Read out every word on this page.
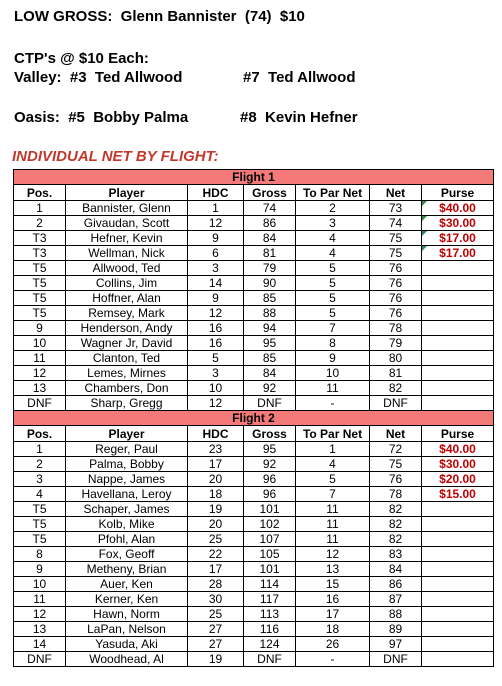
LOW GROSS:  Glenn Bannister  (74)  $10
CTP's @ $10 Each:
Valley:  #3  Ted Allwood	#7  Ted Allwood
Oasis:  #5  Bobby Palma	#8  Kevin Hefner
INDIVIDUAL NET BY FLIGHT:
Flight 1						
Pos.	Player	HDC	Gross	To Par Net	Net	Purse
1	Bannister, Glenn	1	74	2	73	$40.00
2	Givaudan, Scott	12	86	3	74	$30.00
T3	Hefner, Kevin	9	84	4	75	$17.00
T3	Wellman, Nick	6	81	4	75	$17.00
T5	Allwood, Ted	3	79	5	76	
T5	Collins, Jim	14	90	5	76	
T5	Hoffner, Alan	9	85	5	76	
T5	Remsey, Mark	12	88	5	76	
9	Henderson, Andy	16	94	7	78	
10	Wagner Jr, David	16	95	8	79	
11	Clanton, Ted	5	85	9	80	
12	Lemes, Mirnes	3	84	10	81	
13	Chambers, Don	10	92	11	82	
DNF	Sharp, Gregg	12	DNF	-	DNF	
Flight 2						
Pos.	Player	HDC	Gross	To Par Net	Net	Purse
1	Reger, Paul	23	95	1	72	$40.00
2	Palma, Bobby	17	92	4	75	$30.00
3	Nappe, James	20	96	5	76	$20.00
4	Havellana, Leroy	18	96	7	78	$15.00
T5	Schaper, James	19	101	11	82	
T5	Kolb, Mike	20	102	11	82	
T5	Pfohl, Alan	25	107	11	82	
8	Fox, Geoff	22	105	12	83	
9	Metheny, Brian	17	101	13	84	
10	Auer, Ken	28	114	15	86	
11	Kerner, Ken	30	117	16	87	
12	Hawn, Norm	25	113	17	88	
13	LaPan, Nelson	27	116	18	89	
14	Yasuda, Aki	27	124	26	97	
DNF	Woodhead, Al	19	DNF	-	DNF	
